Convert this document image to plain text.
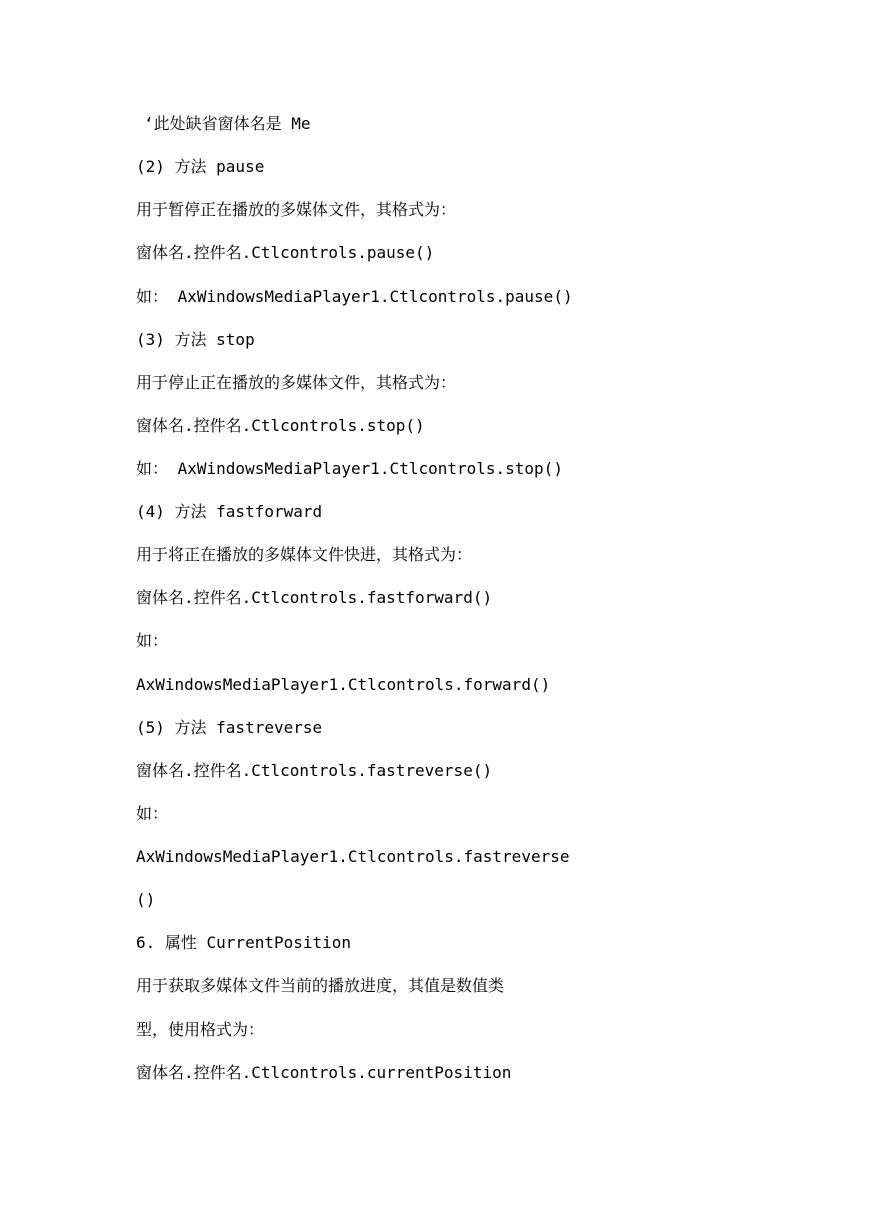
‘此处缺省窗体名是 Me
(2) 方法 pause
用于暂停正在播放的多媒体文件，其格式为：
窗体名.控件名.Ctlcontrols.pause()
如： AxWindowsMediaPlayer1.Ctlcontrols.pause()
(3) 方法 stop
用于停止正在播放的多媒体文件，其格式为：
窗体名.控件名.Ctlcontrols.stop()
如： AxWindowsMediaPlayer1.Ctlcontrols.stop()
(4) 方法 fastforward
用于将正在播放的多媒体文件快进，其格式为：
窗体名.控件名.Ctlcontrols.fastforward()
如：
AxWindowsMediaPlayer1.Ctlcontrols.forward()
(5) 方法 fastreverse
窗体名.控件名.Ctlcontrols.fastreverse()
如：
AxWindowsMediaPlayer1.Ctlcontrols.fastreverse
()
6. 属性 CurrentPosition
用于获取多媒体文件当前的播放进度，其值是数值类
型，使用格式为：
窗体名.控件名.Ctlcontrols.currentPosition
